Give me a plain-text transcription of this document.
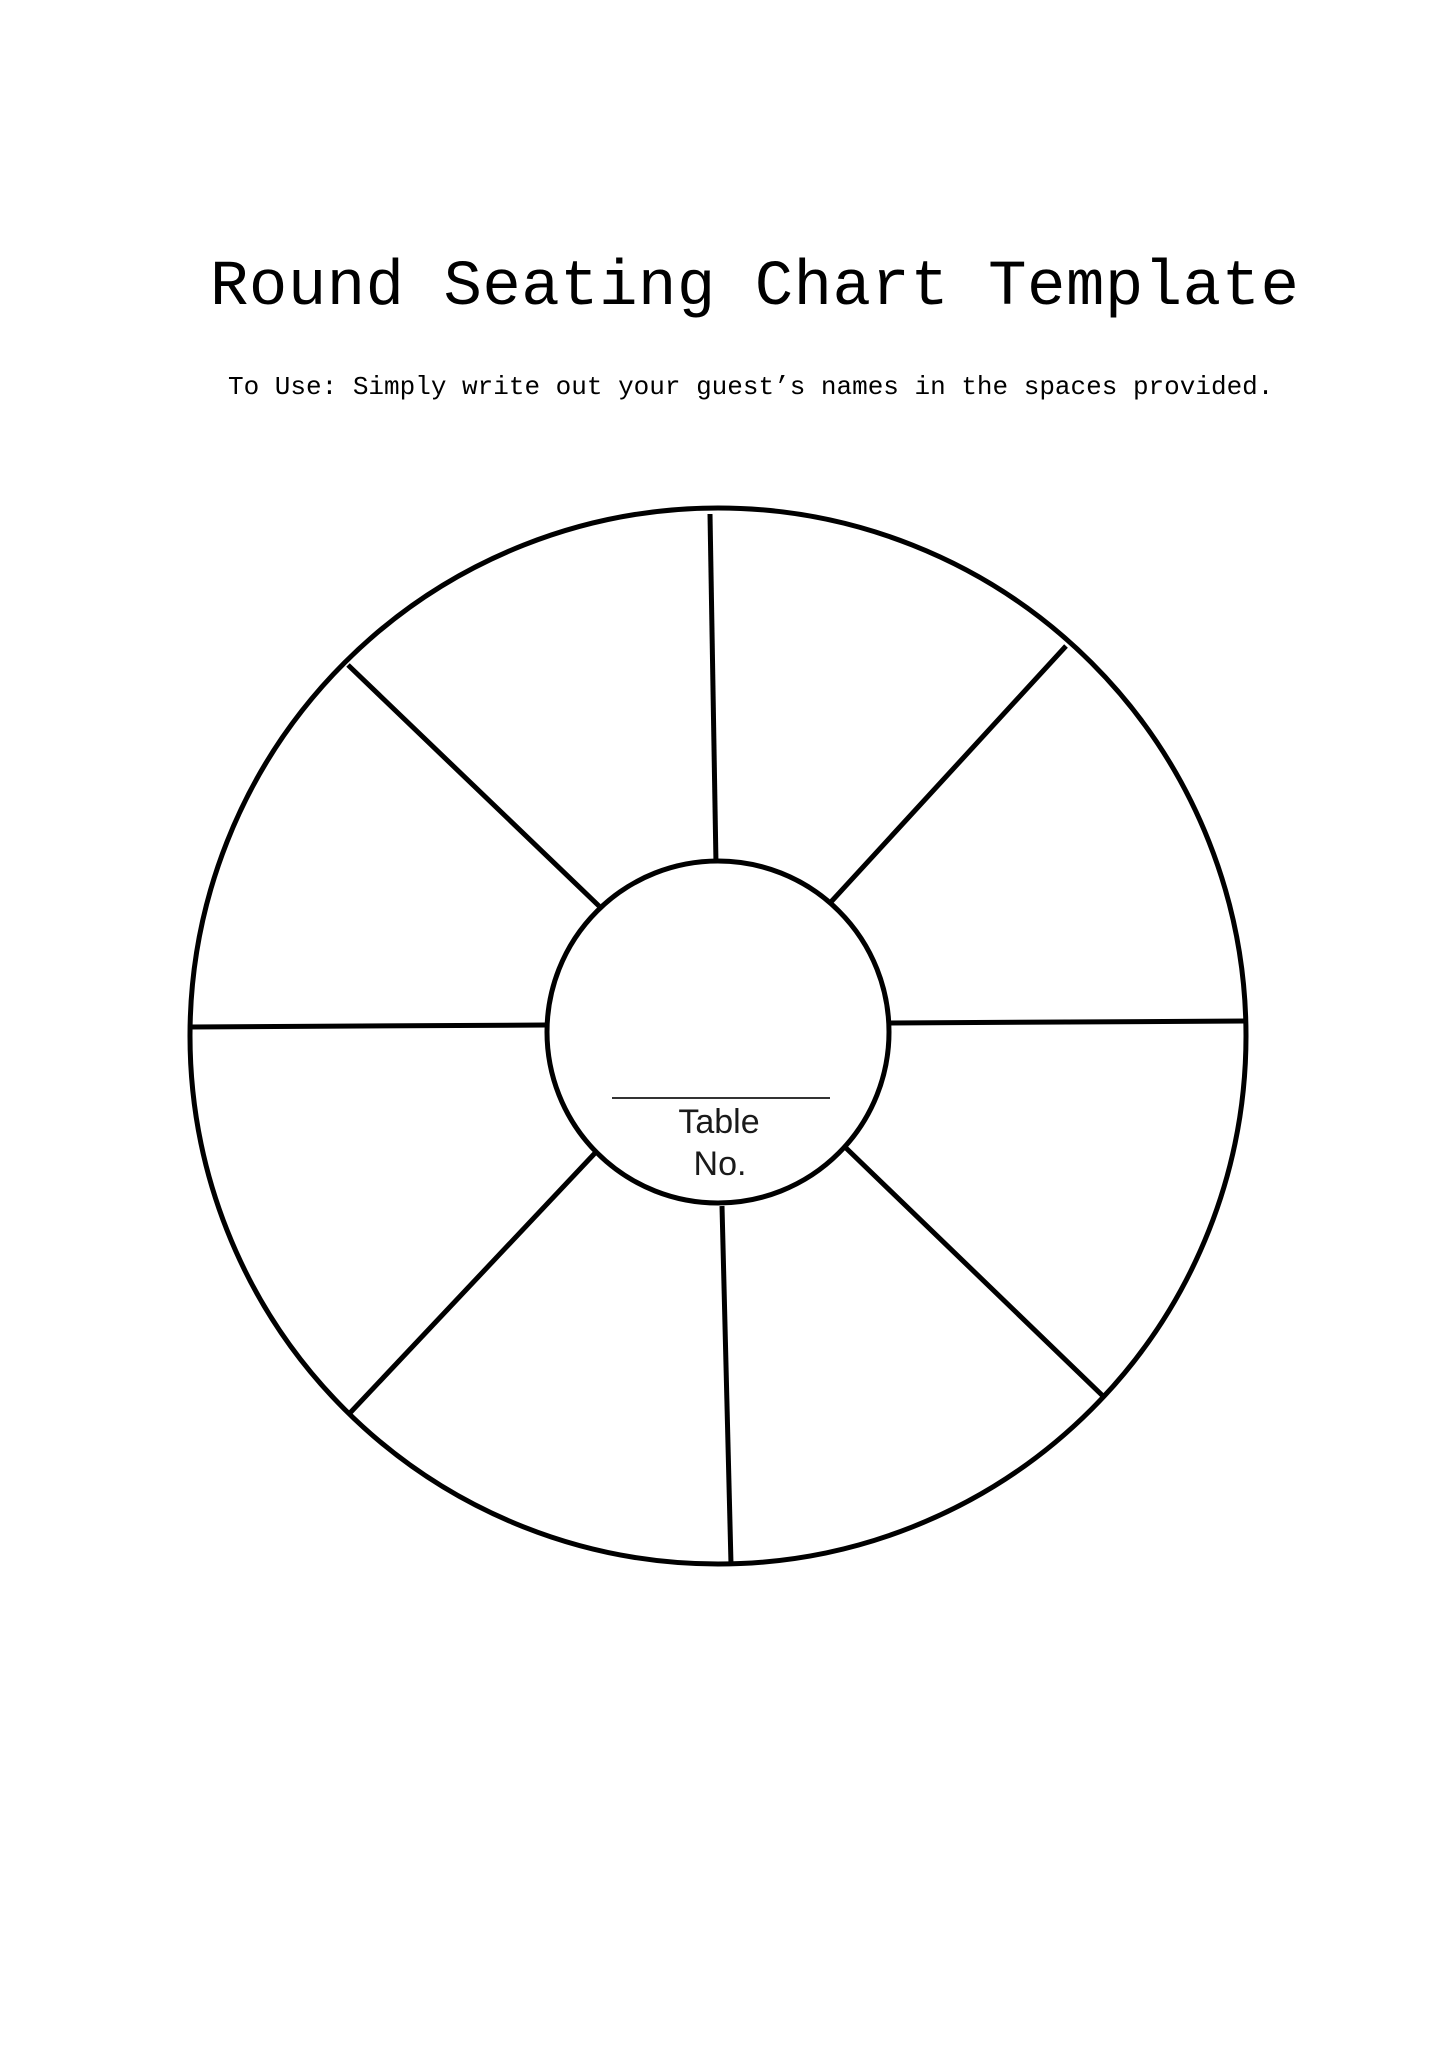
Round Seating Chart Template

To Use: Simply write out your guest’s names in the spaces provided.

Table
No.
